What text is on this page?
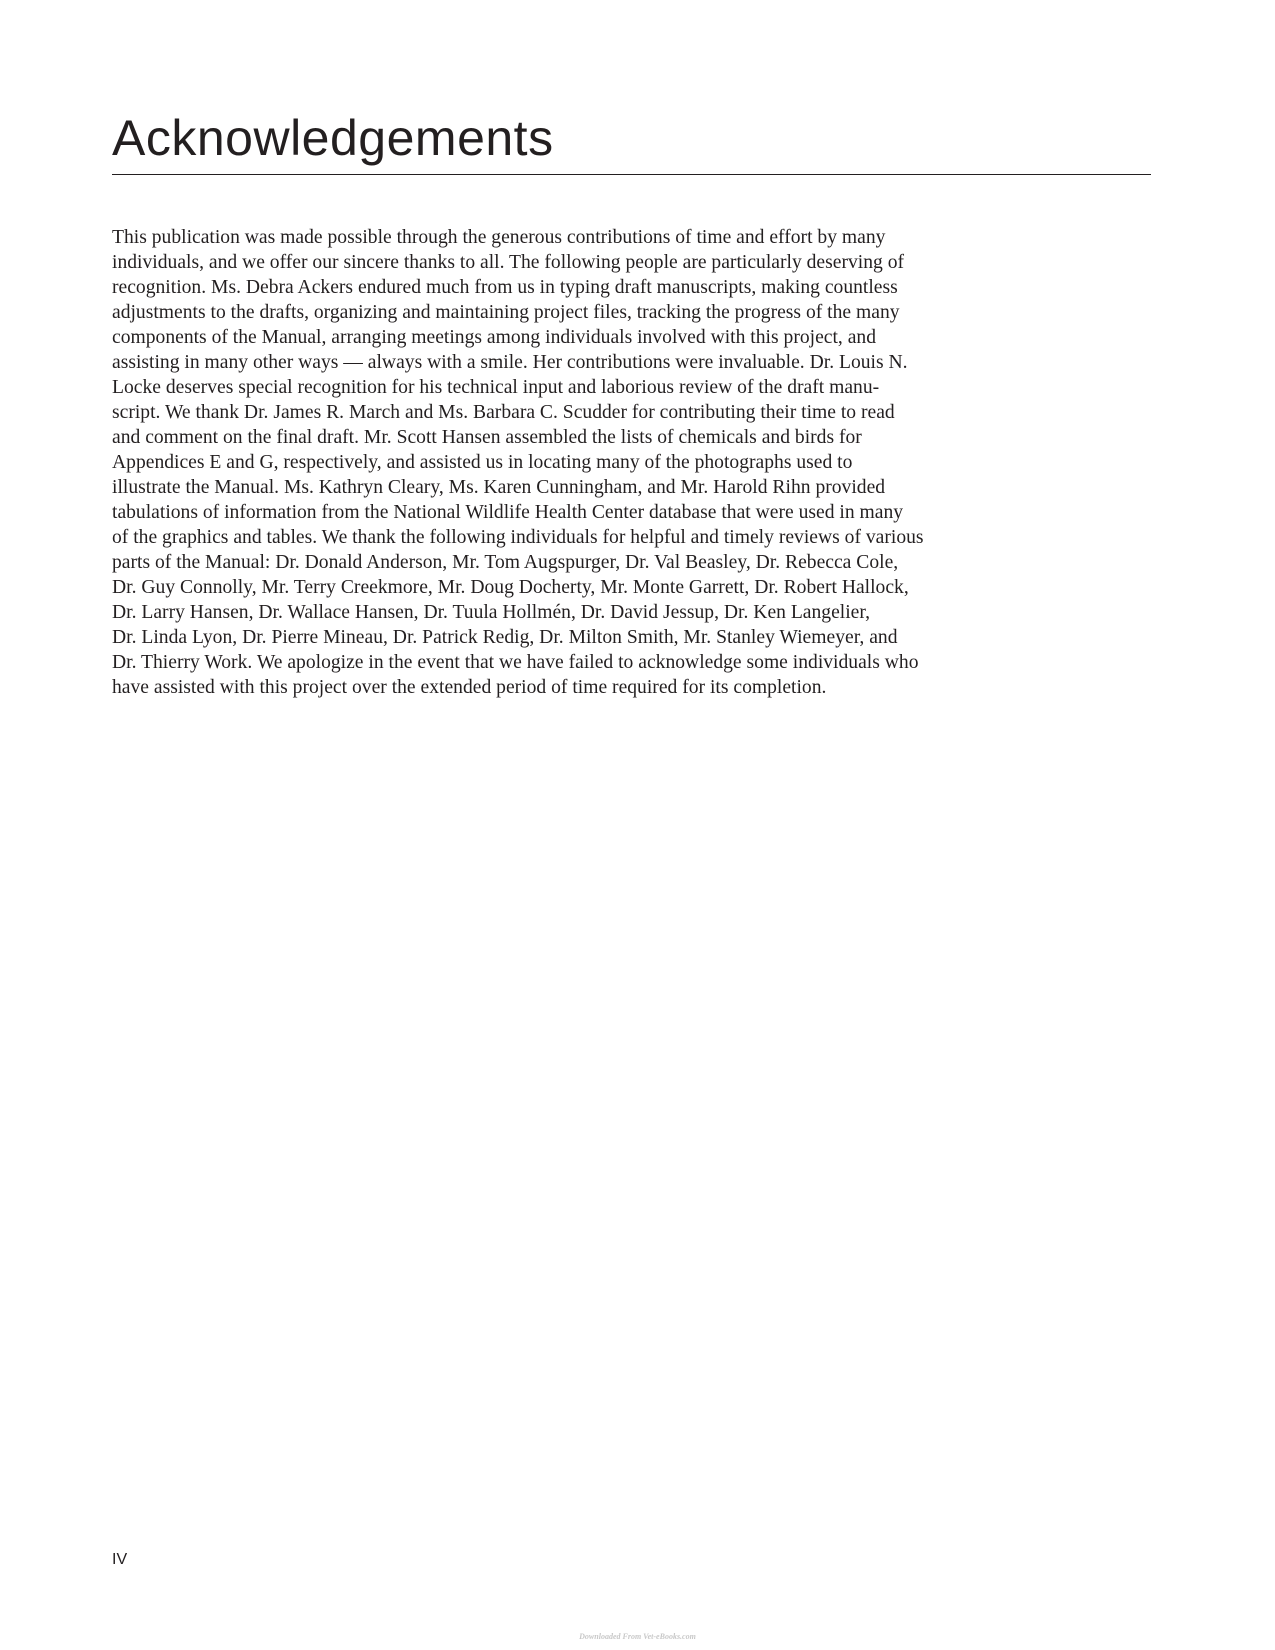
Acknowledgements

This publication was made possible through the generous contributions of time and effort by many
individuals, and we offer our sincere thanks to all. The following people are particularly deserving of
recognition. Ms. Debra Ackers endured much from us in typing draft manuscripts, making countless
adjustments to the drafts, organizing and maintaining project files, tracking the progress of the many
components of the Manual, arranging meetings among individuals involved with this project, and
assisting in many other ways — always with a smile. Her contributions were invaluable. Dr. Louis N.
Locke deserves special recognition for his technical input and laborious review of the draft manu-
script. We thank Dr. James R. March and Ms. Barbara C. Scudder for contributing their time to read
and comment on the final draft. Mr. Scott Hansen assembled the lists of chemicals and birds for
Appendices E and G, respectively, and assisted us in locating many of the photographs used to
illustrate the Manual. Ms. Kathryn Cleary, Ms. Karen Cunningham, and Mr. Harold Rihn provided
tabulations of information from the National Wildlife Health Center database that were used in many
of the graphics and tables. We thank the following individuals for helpful and timely reviews of various
parts of the Manual: Dr. Donald Anderson, Mr. Tom Augspurger, Dr. Val Beasley, Dr. Rebecca Cole,
Dr. Guy Connolly, Mr. Terry Creekmore, Mr. Doug Docherty, Mr. Monte Garrett, Dr. Robert Hallock,
Dr. Larry Hansen, Dr. Wallace Hansen, Dr. Tuula Hollmén, Dr. David Jessup, Dr. Ken Langelier,
Dr. Linda Lyon, Dr. Pierre Mineau, Dr. Patrick Redig, Dr. Milton Smith, Mr. Stanley Wiemeyer, and
Dr. Thierry Work. We apologize in the event that we have failed to acknowledge some individuals who
have assisted with this project over the extended period of time required for its completion.

IV
Downloaded From Vet-eBooks.com
